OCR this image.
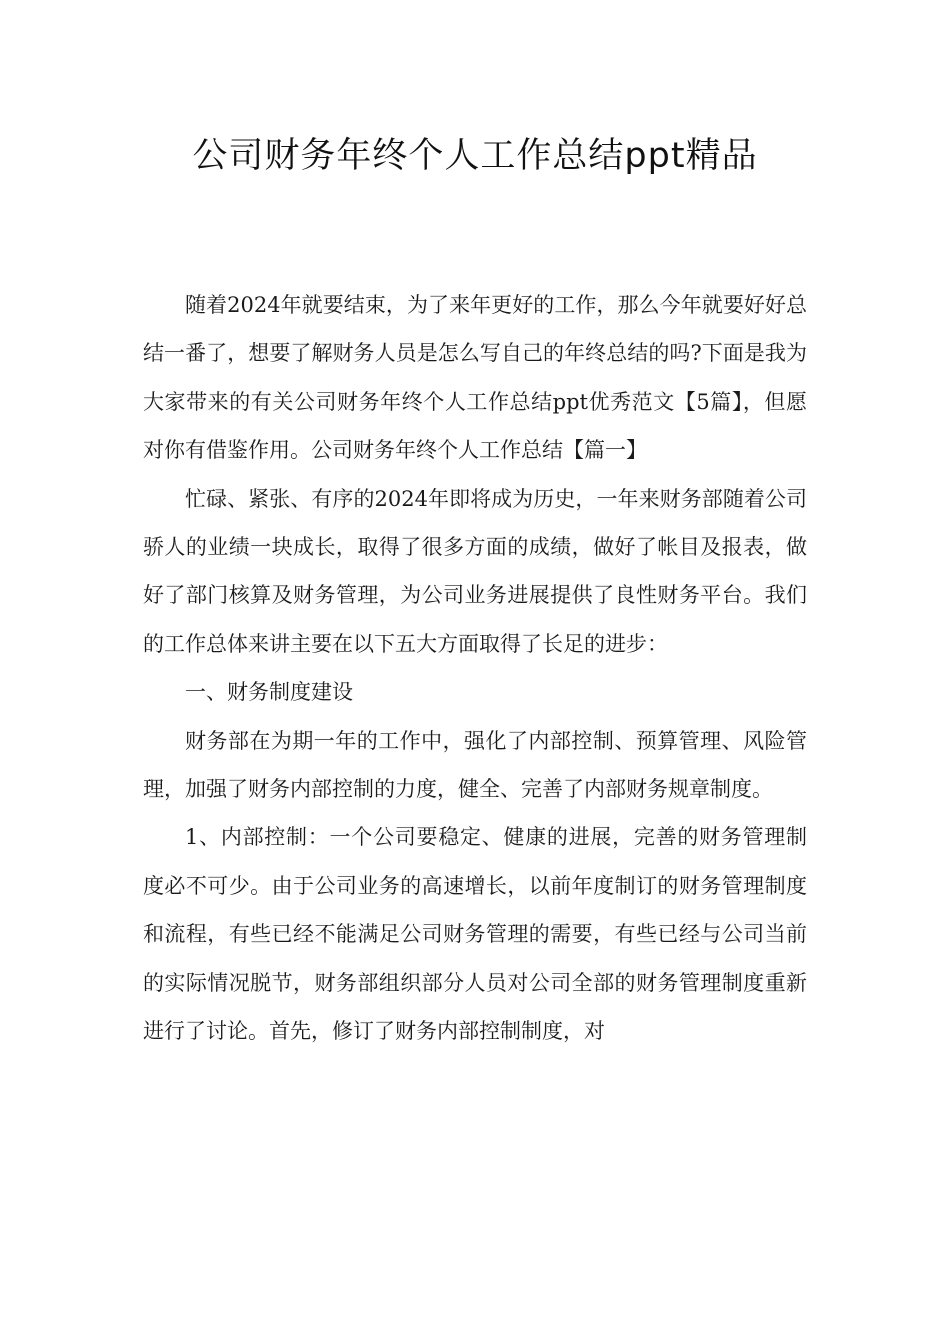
公司财务年终个人工作总结ppt精品

随着2024年就要结束，为了来年更好的工作，那么今年就要好好总结一番了，想要了解财务人员是怎么写自己的年终总结的吗?下面是我为大家带来的有关公司财务年终个人工作总结ppt优秀范文【5篇】，但愿对你有借鉴作用。公司财务年终个人工作总结【篇一】

忙碌、紧张、有序的2024年即将成为历史，一年来财务部随着公司骄人的业绩一块成长，取得了很多方面的成绩，做好了帐目及报表，做好了部门核算及财务管理，为公司业务进展提供了良性财务平台。我们的工作总体来讲主要在以下五大方面取得了长足的进步：

一、财务制度建设

财务部在为期一年的工作中，强化了内部控制、预算管理、风险管理，加强了财务内部控制的力度，健全、完善了内部财务规章制度。

1、内部控制：一个公司要稳定、健康的进展，完善的财务管理制度必不可少。由于公司业务的高速增长，以前年度制订的财务管理制度和流程，有些已经不能满足公司财务管理的需要，有些已经与公司当前的实际情况脱节，财务部组织部分人员对公司全部的财务管理制度重新进行了讨论。首先，修订了财务内部控制制度，对
